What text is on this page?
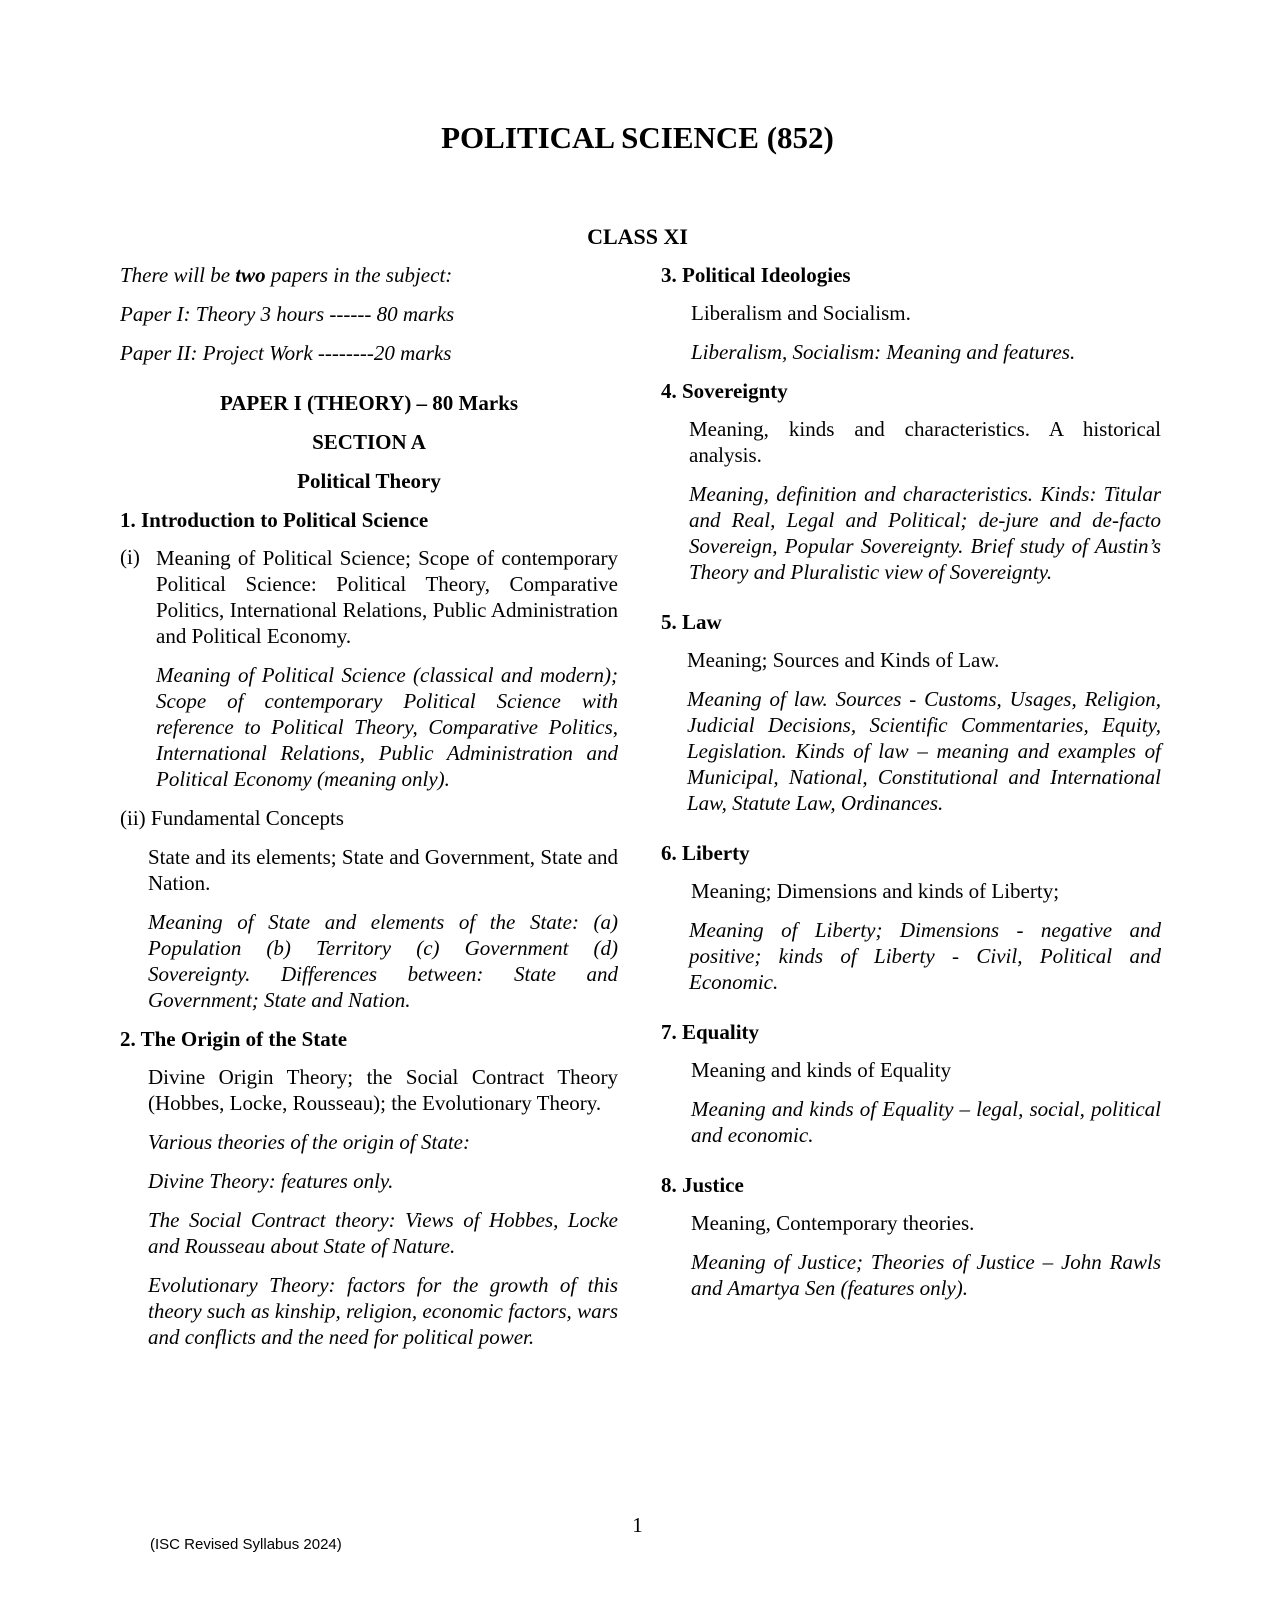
POLITICAL SCIENCE (852)
CLASS XI

There will be two papers in the subject:

Paper I: Theory 3 hours ------ 80 marks

Paper II: Project Work --------20 marks

PAPER I (THEORY) – 80 Marks

SECTION A

Political Theory

1. Introduction to Political Science

(i) Meaning of Political Science; Scope of contemporary Political Science: Political Theory, Comparative Politics, International Relations, Public Administration and Political Economy.

Meaning of Political Science (classical and modern); Scope of contemporary Political Science with reference to Political Theory, Comparative Politics, International Relations, Public Administration and Political Economy (meaning only).

(ii) Fundamental Concepts

State and its elements; State and Government, State and Nation.

Meaning of State and elements of the State: (a) Population (b) Territory (c) Government (d) Sovereignty. Differences between: State and Government; State and Nation.

2. The Origin of the State

Divine Origin Theory; the Social Contract Theory (Hobbes, Locke, Rousseau); the Evolutionary Theory.

Various theories of the origin of State:

Divine Theory: features only.

The Social Contract theory: Views of Hobbes, Locke and Rousseau about State of Nature.

Evolutionary Theory: factors for the growth of this theory such as kinship, religion, economic factors, wars and conflicts and the need for political power.

3. Political Ideologies

Liberalism and Socialism.

Liberalism, Socialism: Meaning and features.

4. Sovereignty

Meaning, kinds and characteristics. A historical analysis.

Meaning, definition and characteristics. Kinds: Titular and Real, Legal and Political; de-jure and de-facto Sovereign, Popular Sovereignty. Brief study of Austin’s Theory and Pluralistic view of Sovereignty.

5. Law

Meaning; Sources and Kinds of Law.

Meaning of law. Sources - Customs, Usages, Religion, Judicial Decisions, Scientific Commentaries, Equity, Legislation. Kinds of law – meaning and examples of Municipal, National, Constitutional and International Law, Statute Law, Ordinances.

6. Liberty

Meaning; Dimensions and kinds of Liberty;

Meaning of Liberty; Dimensions - negative and positive; kinds of Liberty - Civil, Political and Economic.

7. Equality

Meaning and kinds of Equality

Meaning and kinds of Equality – legal, social, political and economic.

8. Justice

Meaning, Contemporary theories.

Meaning of Justice; Theories of Justice – John Rawls and Amartya Sen (features only).

1
(ISC Revised Syllabus 2024)
